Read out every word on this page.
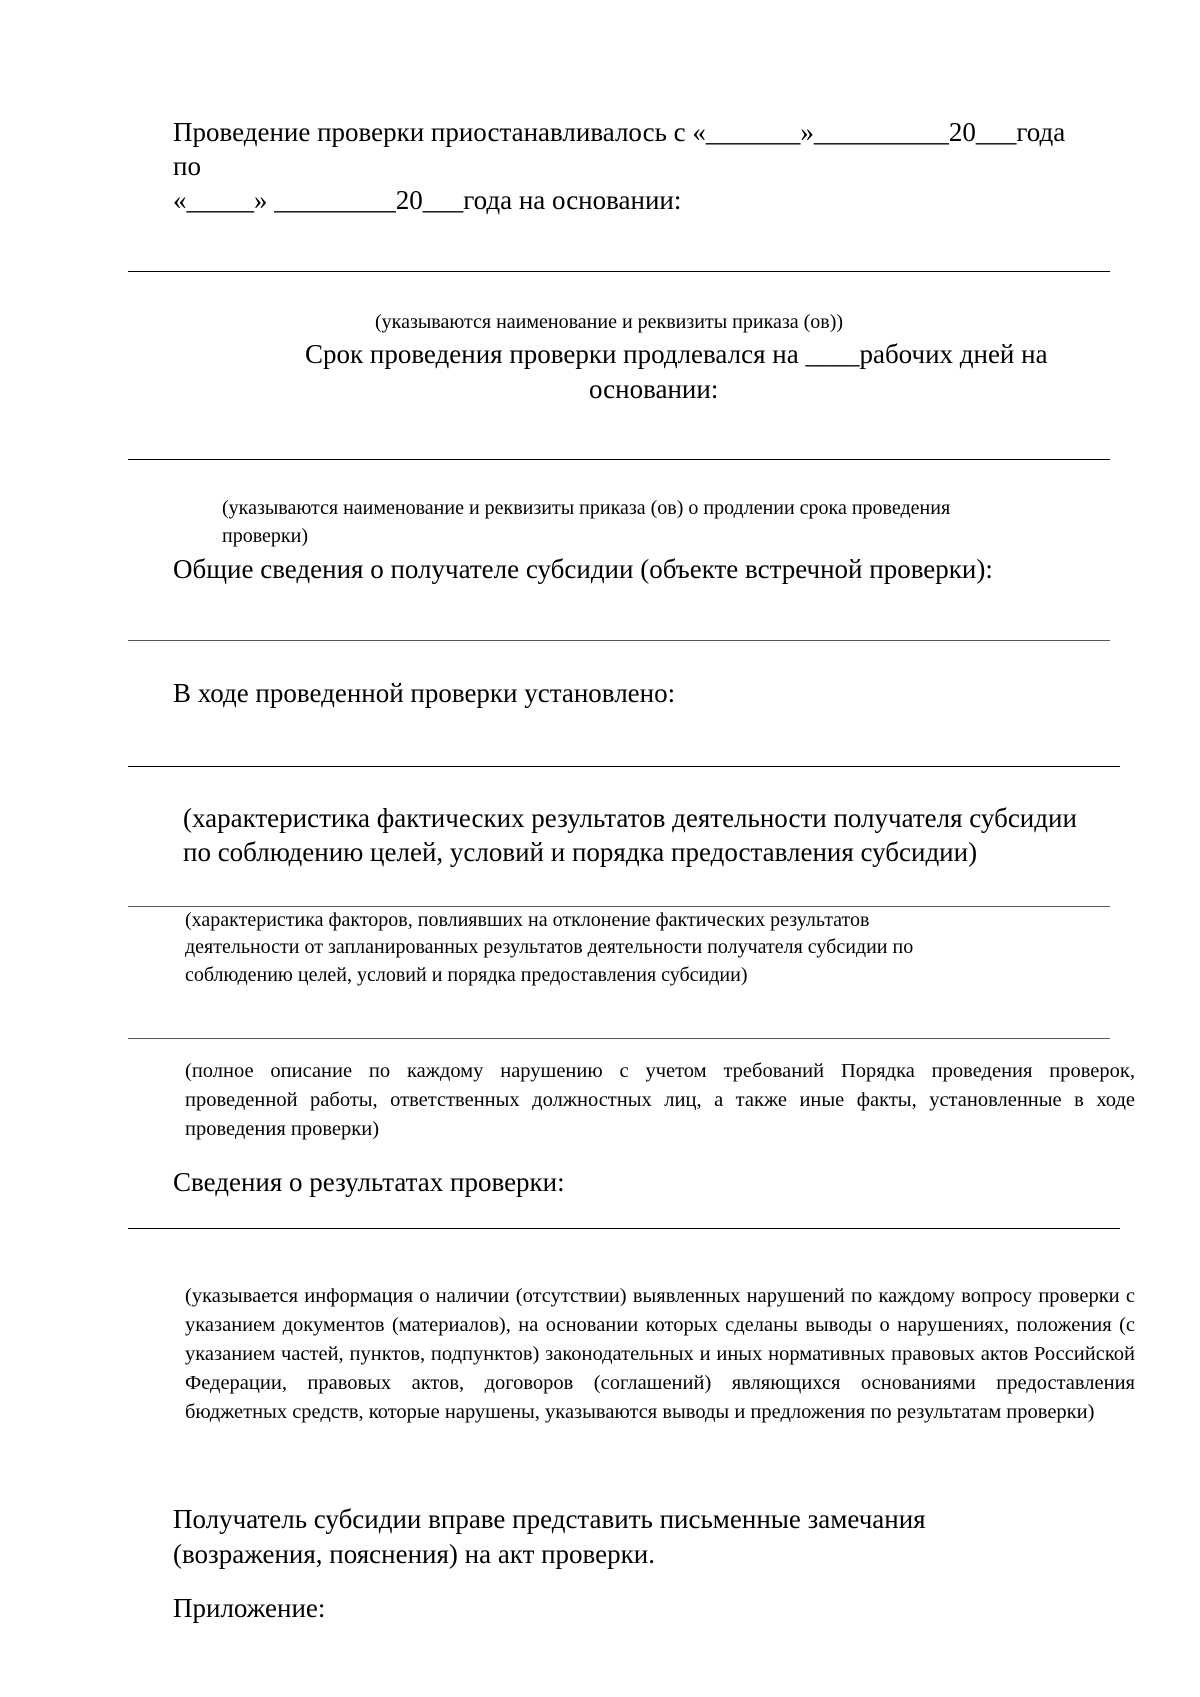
Проведение проверки приостанавливалось с «_______»__________20___года
по
«_____» _________20___года на основании:
(указываются наименование и реквизиты приказа (ов))
Срок проведения проверки продлевался на ____рабочих дней на
основании:
(указываются наименование и реквизиты приказа (ов) о продлении срока проведения
проверки)
Общие сведения о получателе субсидии (объекте встречной проверки):
В ходе проведенной проверки установлено:
(характеристика фактических результатов деятельности получателя субсидии
по соблюдению целей, условий и порядка предоставления субсидии)
(характеристика факторов, повлиявших на отклонение фактических результатов
деятельности от запланированных результатов деятельности получателя субсидии по
соблюдению целей, условий и порядка предоставления субсидии)
(полное описание по каждому нарушению с учетом требований Порядка проведения проверок, проведенной работы, ответственных должностных лиц, а также иные факты, установленные в ходе проведения проверки)
Сведения о результатах проверки:
(указывается информация о наличии (отсутствии) выявленных нарушений по каждому вопросу проверки с указанием документов (материалов), на основании которых сделаны выводы о нарушениях, положения (с указанием частей, пунктов, подпунктов) законодательных и иных нормативных правовых актов Российской Федерации, правовых актов, договоров (соглашений) являющихся основаниями предоставления бюджетных средств, которые нарушены, указываются выводы и предложения по результатам проверки)
Получатель субсидии вправе представить письменные замечания
(возражения, пояснения) на акт проверки.
Приложение:
